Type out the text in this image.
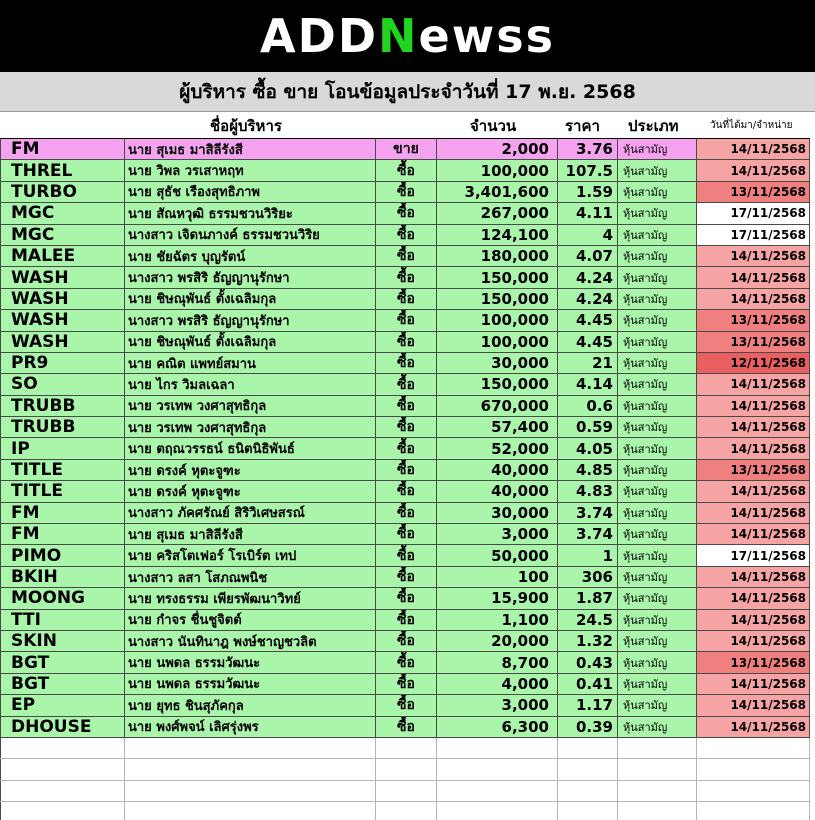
ADDNewss
ผู้บริหาร ซื้อ ขาย โอนข้อมูลประจำวันที่ 17 พ.ย. 2568
ชื่อผู้บริหาร	จำนวน	ราคา ประเภท	วันที่ได้มา/จำหน่าย
FM	นาย สุเมธ มาสิลีรังสี	ขาย	2,000	3.76 หุ้นสามัญ	14/11/2568
THREL	นาย วิพล วรเสาหฤท	ซื้อ	100,000	107.5 หุ้นสามัญ	14/11/2568
TURBO	นาย สุธัช เรืองสุทธิภาพ	ซื้อ	3,401,600	1.59 หุ้นสามัญ	13/11/2568
MGC	นาย สัณหวุฒิ ธรรมชวนวิริยะ	ซื้อ	267,000	4.11 หุ้นสามัญ	17/11/2568
MGC	นางสาว เจิดนภางค์ ธรรมชวนวิริย	ซื้อ	124,100	4 หุ้นสามัญ	17/11/2568
MALEE	นาย ชัยฉัตร บุญรัตน์	ซื้อ	180,000	4.07 หุ้นสามัญ	14/11/2568
WASH	นางสาว พรสิริ ธัญญานุรักษา	ซื้อ	150,000	4.24 หุ้นสามัญ	14/11/2568
WASH	นาย ชิษณุพันธ์ ตั้งเฉลิมกุล	ซื้อ	150,000	4.24 หุ้นสามัญ	14/11/2568
WASH	นางสาว พรสิริ ธัญญานุรักษา	ซื้อ	100,000	4.45 หุ้นสามัญ	13/11/2568
WASH	นาย ชิษณุพันธ์ ตั้งเฉลิมกุล	ซื้อ	100,000	4.45 หุ้นสามัญ	13/11/2568
PR9	นาย คณิต แพทย์สมาน	ซื้อ	30,000	21 หุ้นสามัญ	12/11/2568
SO	นาย ไกร วิมลเฉลา	ซื้อ	150,000	4.14 หุ้นสามัญ	14/11/2568
TRUBB	นาย วรเทพ วงศาสุทธิกุล	ซื้อ	670,000	0.6 หุ้นสามัญ	14/11/2568
TRUBB	นาย วรเทพ วงศาสุทธิกุล	ซื้อ	57,400	0.59 หุ้นสามัญ	14/11/2568
IP	นาย ตฤณวรรธน์ ธนิตนิธิพันธ์	ซื้อ	52,000	4.05 หุ้นสามัญ	14/11/2568
TITLE	นาย ดรงค์ หุตะจูฑะ	ซื้อ	40,000	4.85 หุ้นสามัญ	13/11/2568
TITLE	นาย ดรงค์ หุตะจูฑะ	ซื้อ	40,000	4.83 หุ้นสามัญ	14/11/2568
FM	นางสาว ภัคศรัณย์ สิริวิเศษสรณ์	ซื้อ	30,000	3.74 หุ้นสามัญ	14/11/2568
FM	นาย สุเมธ มาสิลีรังสี	ซื้อ	3,000	3.74 หุ้นสามัญ	14/11/2568
PIMO	นาย คริสโตเฟอร์ โรเบิร์ต เทป	ซื้อ	50,000	1 หุ้นสามัญ	17/11/2568
BKIH	นางสาว ลสา โสภณพนิช	ซื้อ	100	306 หุ้นสามัญ	14/11/2568
MOONG	นาย ทรงธรรม เพียรพัฒนาวิทย์	ซื้อ	15,900	1.87 หุ้นสามัญ	14/11/2568
TTI	นาย กำจร ชื่นชูจิตต์	ซื้อ	1,100	24.5 หุ้นสามัญ	14/11/2568
SKIN	นางสาว นันทินาฎ พงษ์ชาญชวลิต	ซื้อ	20,000	1.32 หุ้นสามัญ	14/11/2568
BGT	นาย นพดล ธรรมวัฒนะ	ซื้อ	8,700	0.43 หุ้นสามัญ	13/11/2568
BGT	นาย นพดล ธรรมวัฒนะ	ซื้อ	4,000	0.41 หุ้นสามัญ	14/11/2568
EP	นาย ยุทธ ชินสุภัคกุล	ซื้อ	3,000	1.17 หุ้นสามัญ	14/11/2568
DHOUSE	นาย พงศ์พจน์ เลิศรุ่งพร	ซื้อ	6,300	0.39 หุ้นสามัญ	14/11/2568
